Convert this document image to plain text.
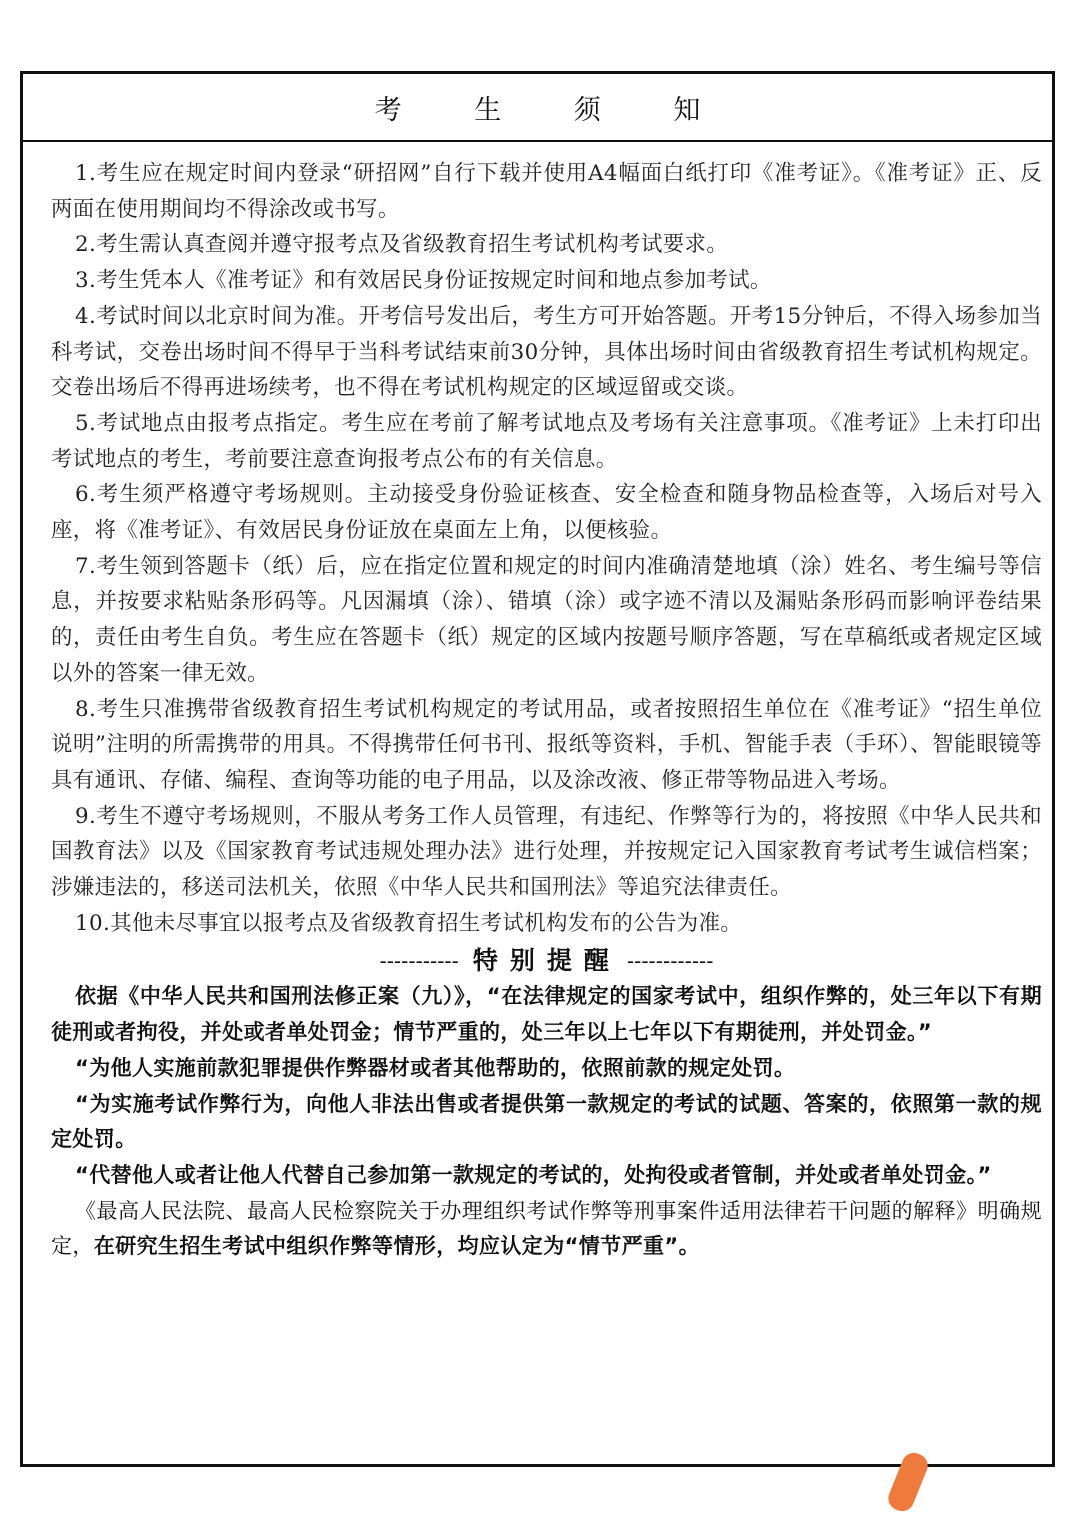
考 生 须 知

1.考生应在规定时间内登录“研招网”自行下载并使用A4幅面白纸打印《准考证》。《准考证》正、反两面在使用期间均不得涂改或书写。

2.考生需认真查阅并遵守报考点及省级教育招生考试机构考试要求。

3.考生凭本人《准考证》和有效居民身份证按规定时间和地点参加考试。

4.考试时间以北京时间为准。开考信号发出后，考生方可开始答题。开考15分钟后，不得入场参加当科考试，交卷出场时间不得早于当科考试结束前30分钟，具体出场时间由省级教育招生考试机构规定。交卷出场后不得再进场续考，也不得在考试机构规定的区域逗留或交谈。

5.考试地点由报考点指定。考生应在考前了解考试地点及考场有关注意事项。《准考证》上未打印出考试地点的考生，考前要注意查询报考点公布的有关信息。

6.考生须严格遵守考场规则。主动接受身份验证核查、安全检查和随身物品检查等，入场后对号入座，将《准考证》、有效居民身份证放在桌面左上角，以便核验。

7.考生领到答题卡（纸）后，应在指定位置和规定的时间内准确清楚地填（涂）姓名、考生编号等信息，并按要求粘贴条形码等。凡因漏填（涂）、错填（涂）或字迹不清以及漏贴条形码而影响评卷结果的，责任由考生自负。考生应在答题卡（纸）规定的区域内按题号顺序答题，写在草稿纸或者规定区域以外的答案一律无效。

8.考生只准携带省级教育招生考试机构规定的考试用品，或者按照招生单位在《准考证》“招生单位说明”注明的所需携带的用具。不得携带任何书刊、报纸等资料，手机、智能手表（手环）、智能眼镜等具有通讯、存储、编程、查询等功能的电子用品，以及涂改液、修正带等物品进入考场。

9.考生不遵守考场规则，不服从考务工作人员管理，有违纪、作弊等行为的，将按照《中华人民共和国教育法》以及《国家教育考试违规处理办法》进行处理，并按规定记入国家教育考试考生诚信档案；涉嫌违法的，移送司法机关，依照《中华人民共和国刑法》等追究法律责任。

10.其他未尽事宜以报考点及省级教育招生考试机构发布的公告为准。

----------- 特别提醒 ------------

依据《中华人民共和国刑法修正案（九）》，“在法律规定的国家考试中，组织作弊的，处三年以下有期徒刑或者拘役，并处或者单处罚金；情节严重的，处三年以上七年以下有期徒刑，并处罚金。”

“为他人实施前款犯罪提供作弊器材或者其他帮助的，依照前款的规定处罚。

“为实施考试作弊行为，向他人非法出售或者提供第一款规定的考试的试题、答案的，依照第一款的规定处罚。

“代替他人或者让他人代替自己参加第一款规定的考试的，处拘役或者管制，并处或者单处罚金。”

《最高人民法院、最高人民检察院关于办理组织考试作弊等刑事案件适用法律若干问题的解释》明确规定，在研究生招生考试中组织作弊等情形，均应认定为“情节严重”。
